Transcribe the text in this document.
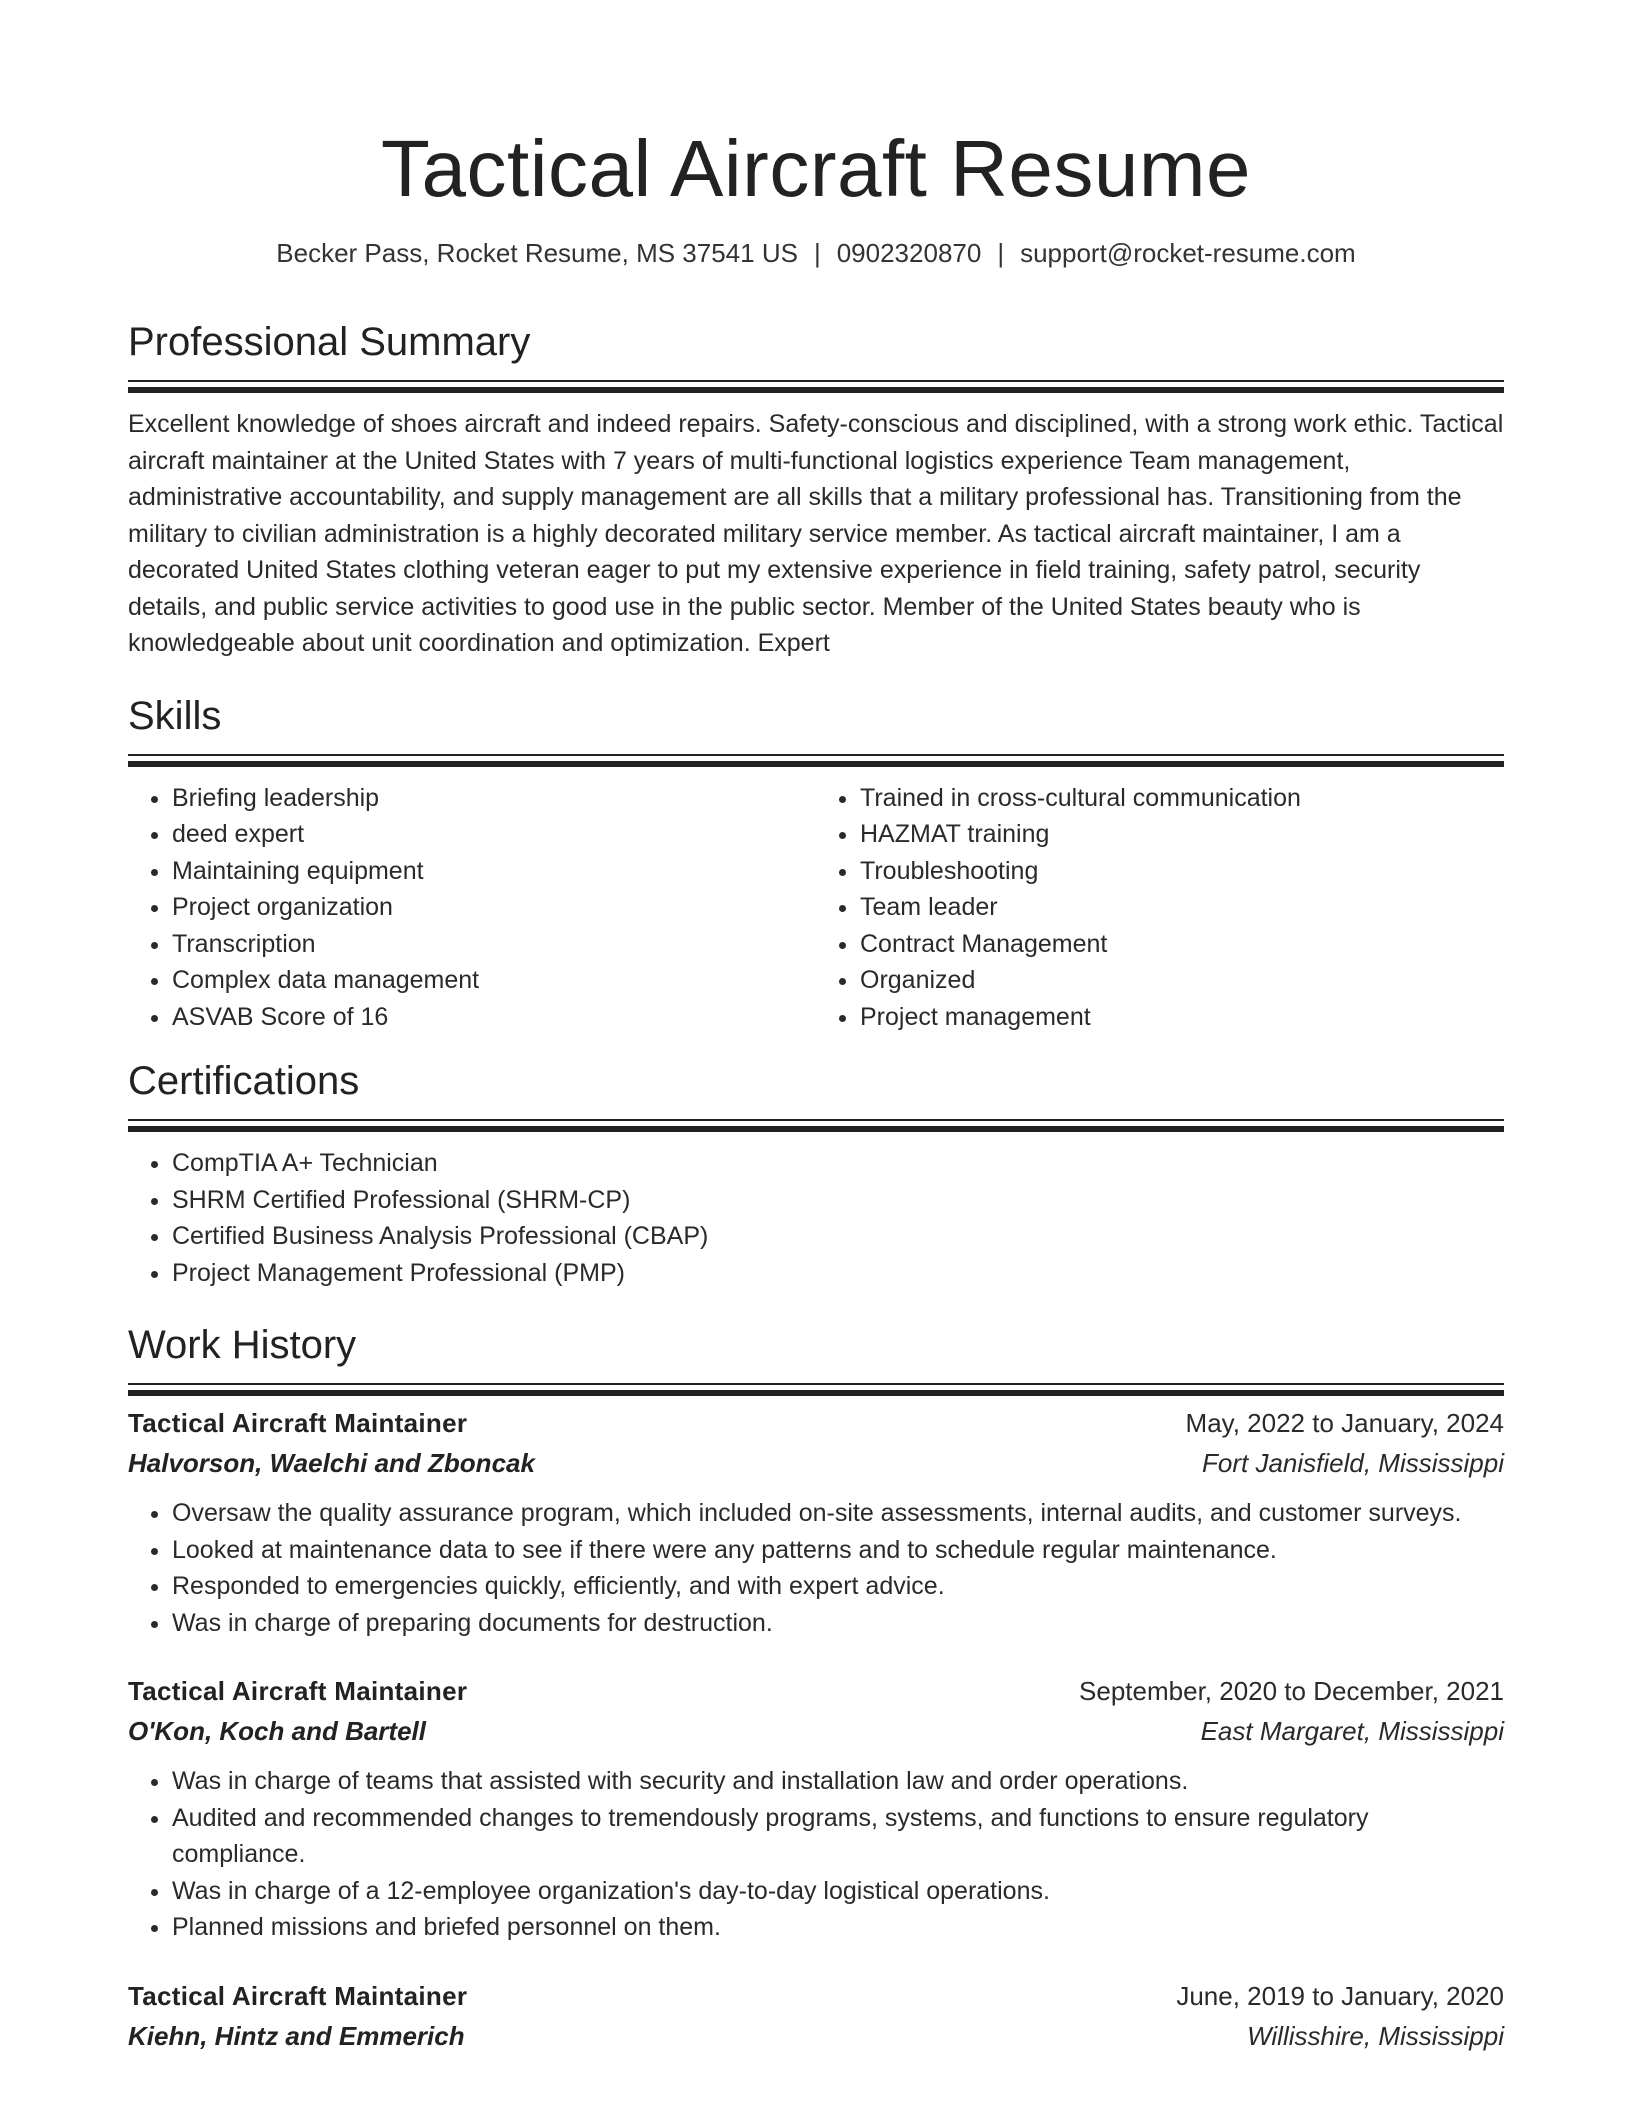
Tactical Aircraft Resume
Becker Pass, Rocket Resume, MS 37541 US | 0902320870 | support@rocket-resume.com
Professional Summary
Excellent knowledge of shoes aircraft and indeed repairs. Safety-conscious and disciplined, with a strong work ethic. Tactical aircraft maintainer at the United States with 7 years of multi-functional logistics experience Team management, administrative accountability, and supply management are all skills that a military professional has. Transitioning from the military to civilian administration is a highly decorated military service member. As tactical aircraft maintainer, I am a decorated United States clothing veteran eager to put my extensive experience in field training, safety patrol, security details, and public service activities to good use in the public sector. Member of the United States beauty who is knowledgeable about unit coordination and optimization. Expert
Skills
• Briefing leadership
• deed expert
• Maintaining equipment
• Project organization
• Transcription
• Complex data management
• ASVAB Score of 16
• Trained in cross-cultural communication
• HAZMAT training
• Troubleshooting
• Team leader
• Contract Management
• Organized
• Project management
Certifications
• CompTIA A+ Technician
• SHRM Certified Professional (SHRM-CP)
• Certified Business Analysis Professional (CBAP)
• Project Management Professional (PMP)
Work History
Tactical Aircraft Maintainer	May, 2022 to January, 2024
Halvorson, Waelchi and Zboncak	Fort Janisfield, Mississippi
• Oversaw the quality assurance program, which included on-site assessments, internal audits, and customer surveys.
• Looked at maintenance data to see if there were any patterns and to schedule regular maintenance.
• Responded to emergencies quickly, efficiently, and with expert advice.
• Was in charge of preparing documents for destruction.
Tactical Aircraft Maintainer	September, 2020 to December, 2021
O'Kon, Koch and Bartell	East Margaret, Mississippi
• Was in charge of teams that assisted with security and installation law and order operations.
• Audited and recommended changes to tremendously programs, systems, and functions to ensure regulatory compliance.
• Was in charge of a 12-employee organization's day-to-day logistical operations.
• Planned missions and briefed personnel on them.
Tactical Aircraft Maintainer	June, 2019 to January, 2020
Kiehn, Hintz and Emmerich	Willisshire, Mississippi
